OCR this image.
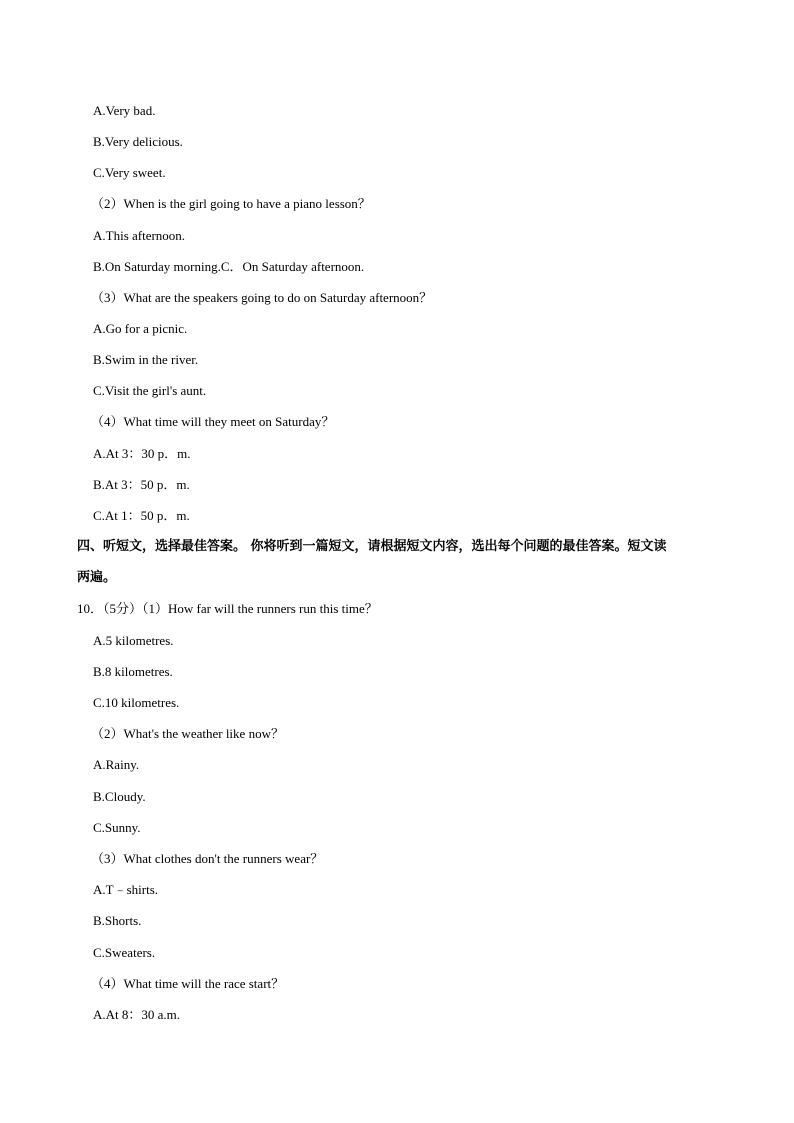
A.Very bad.
B.Very delicious.
C.Very sweet.
（2）When is the girl going to have a piano lesson？
A.This afternoon.
B.On Saturday morning.C．On Saturday afternoon.
（3）What are the speakers going to do on Saturday afternoon？
A.Go for a picnic.
B.Swim in the river.
C.Visit the girl's aunt.
（4）What time will they meet on Saturday？
A.At 3：30 p．m.
B.At 3：50 p．m.
C.At 1：50 p．m.
四、听短文，选择最佳答案。 你将听到一篇短文，请根据短文内容，选出每个问题的最佳答案。短文读
两遍。
10．（5分）（1）How far will the runners run this time？
A.5 kilometres.
B.8 kilometres.
C.10 kilometres.
（2）What's the weather like now？
A.Rainy.
B.Cloudy.
C.Sunny.
（3）What clothes don't the runners wear？
A.T﹣shirts.
B.Shorts.
C.Sweaters.
（4）What time will the race start？
A.At 8：30 a.m.
